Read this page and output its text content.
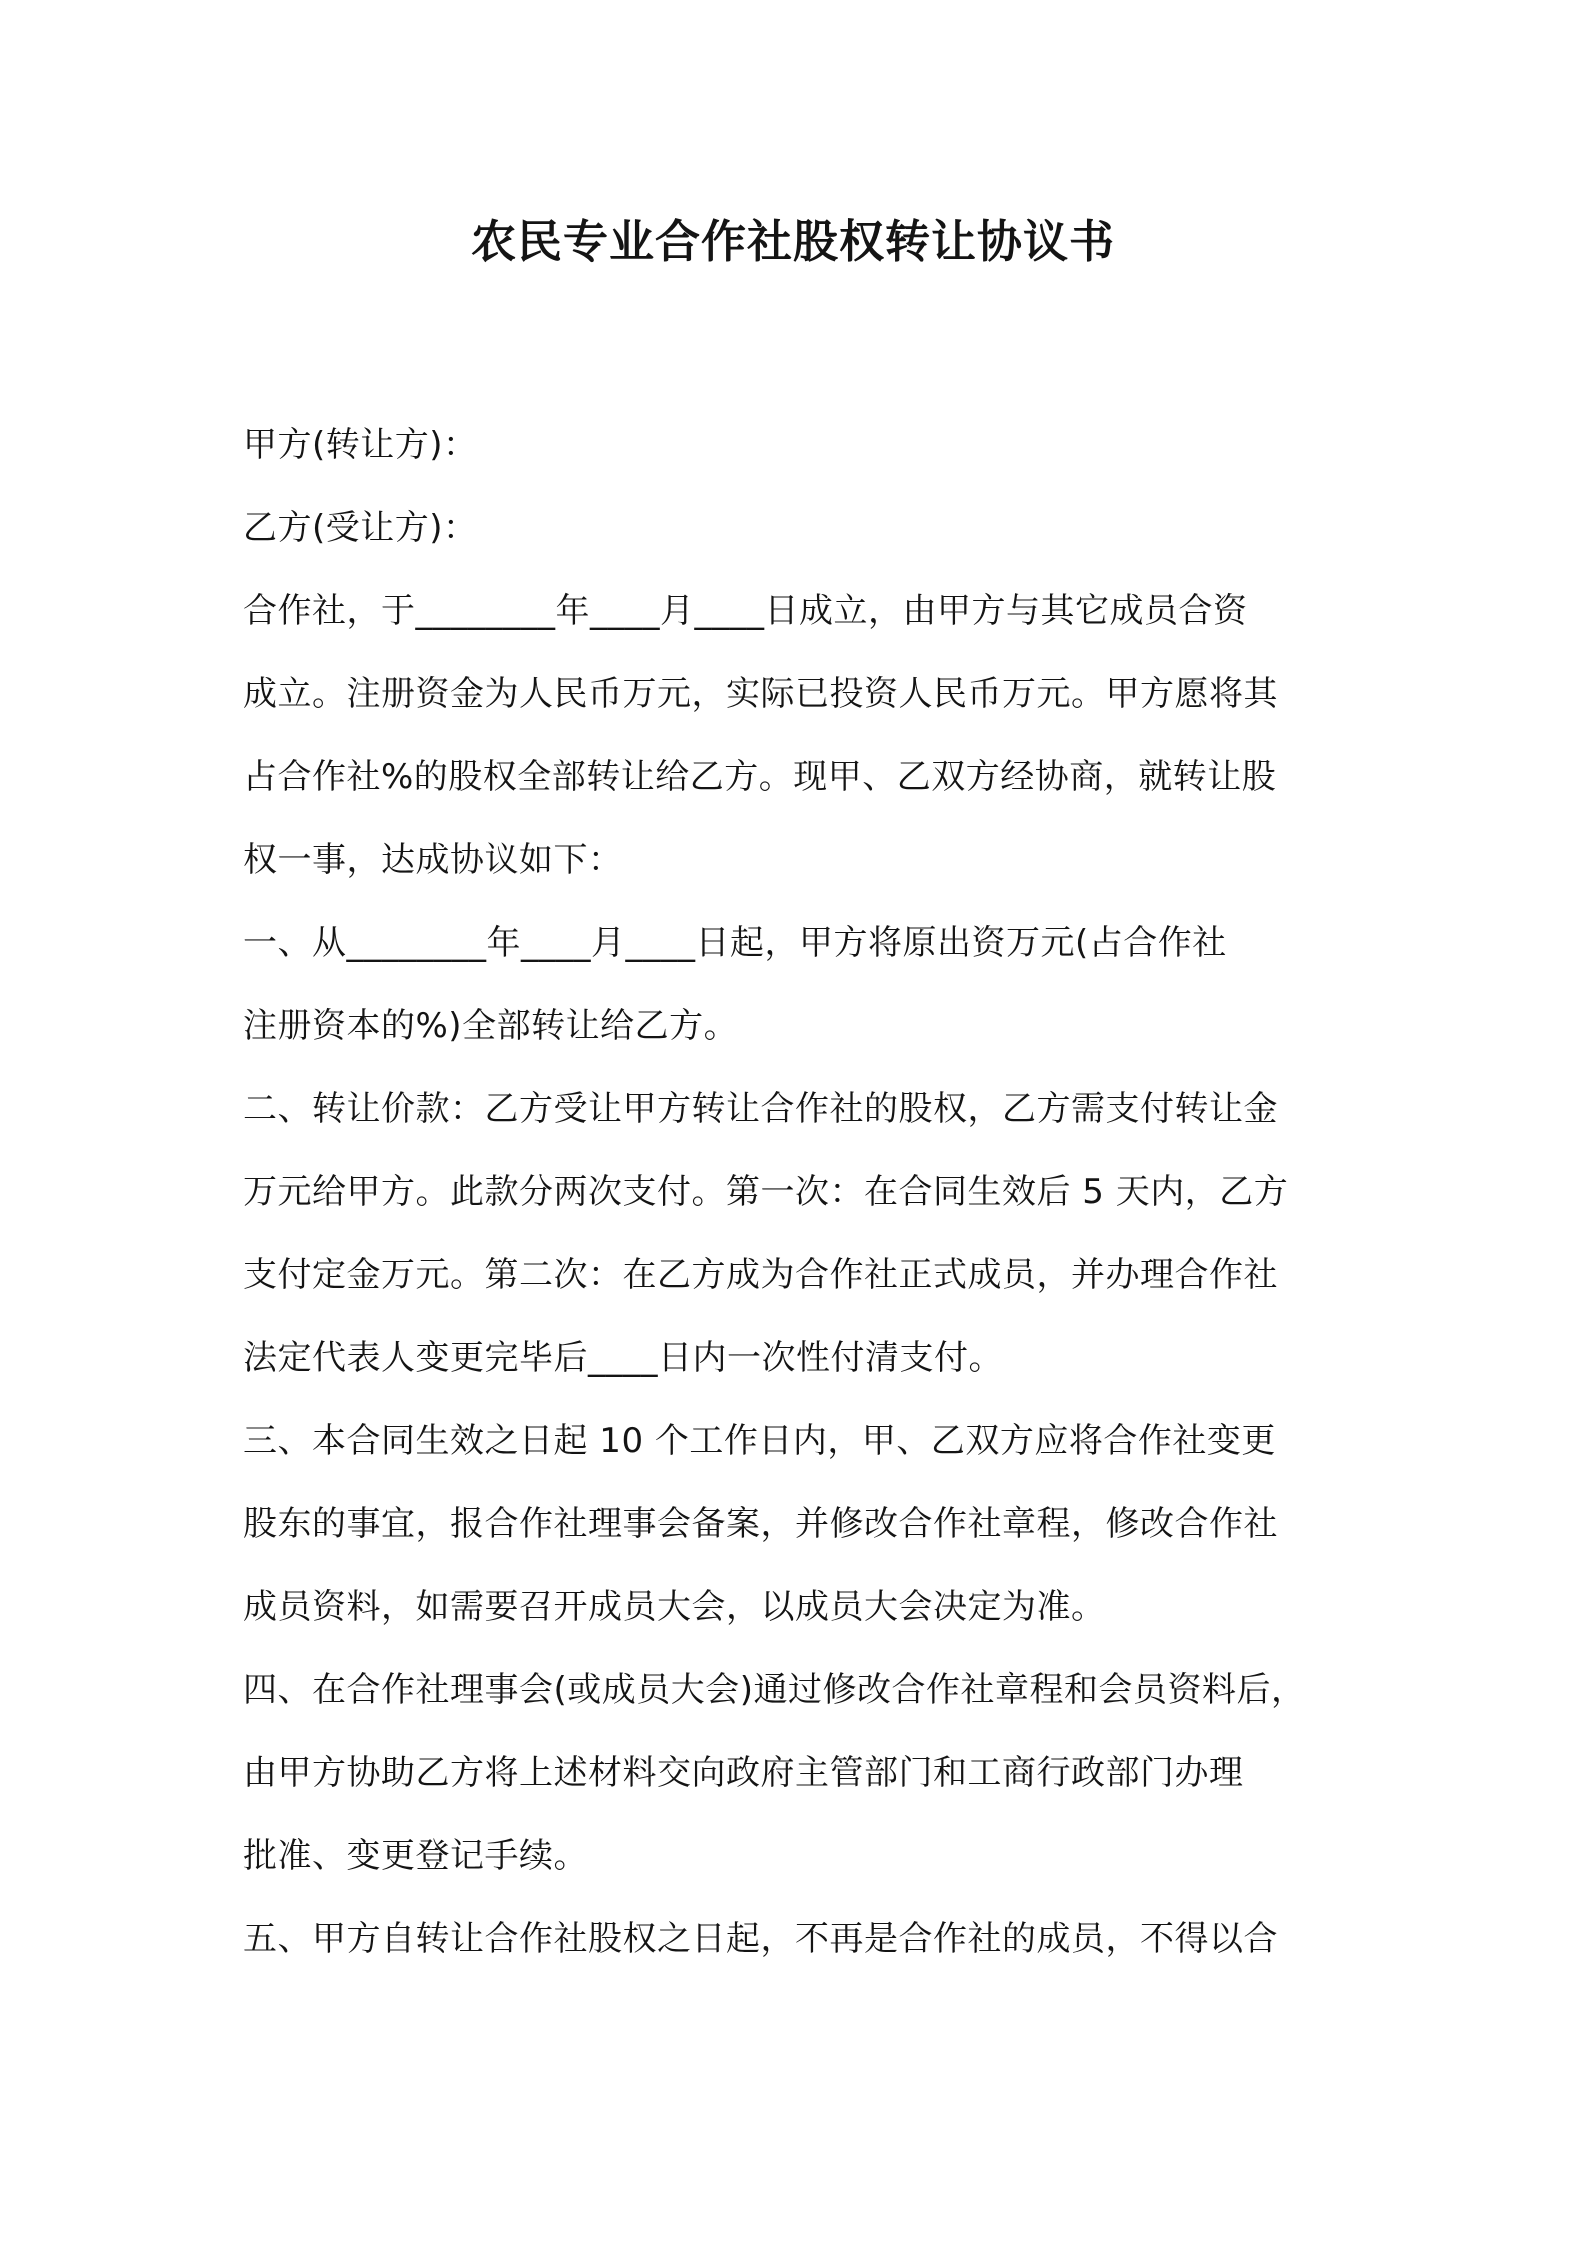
农民专业合作社股权转让协议书
甲方(转让方)：
乙方(受让方)：
合作社，于________年____月____日成立，由甲方与其它成员合资
成立。注册资金为人民币万元，实际已投资人民币万元。甲方愿将其
占合作社%的股权全部转让给乙方。现甲、乙双方经协商，就转让股
权一事，达成协议如下：
一、从________年____月____日起，甲方将原出资万元(占合作社
注册资本的%)全部转让给乙方。
二、转让价款：乙方受让甲方转让合作社的股权，乙方需支付转让金
万元给甲方。此款分两次支付。第一次：在合同生效后 5 天内，乙方
支付定金万元。第二次：在乙方成为合作社正式成员，并办理合作社
法定代表人变更完毕后____日内一次性付清支付。
三、本合同生效之日起 10 个工作日内，甲、乙双方应将合作社变更
股东的事宜，报合作社理事会备案，并修改合作社章程，修改合作社
成员资料，如需要召开成员大会，以成员大会决定为准。
四、在合作社理事会(或成员大会)通过修改合作社章程和会员资料后，
由甲方协助乙方将上述材料交向政府主管部门和工商行政部门办理
批准、变更登记手续。
五、甲方自转让合作社股权之日起，不再是合作社的成员，不得以合
